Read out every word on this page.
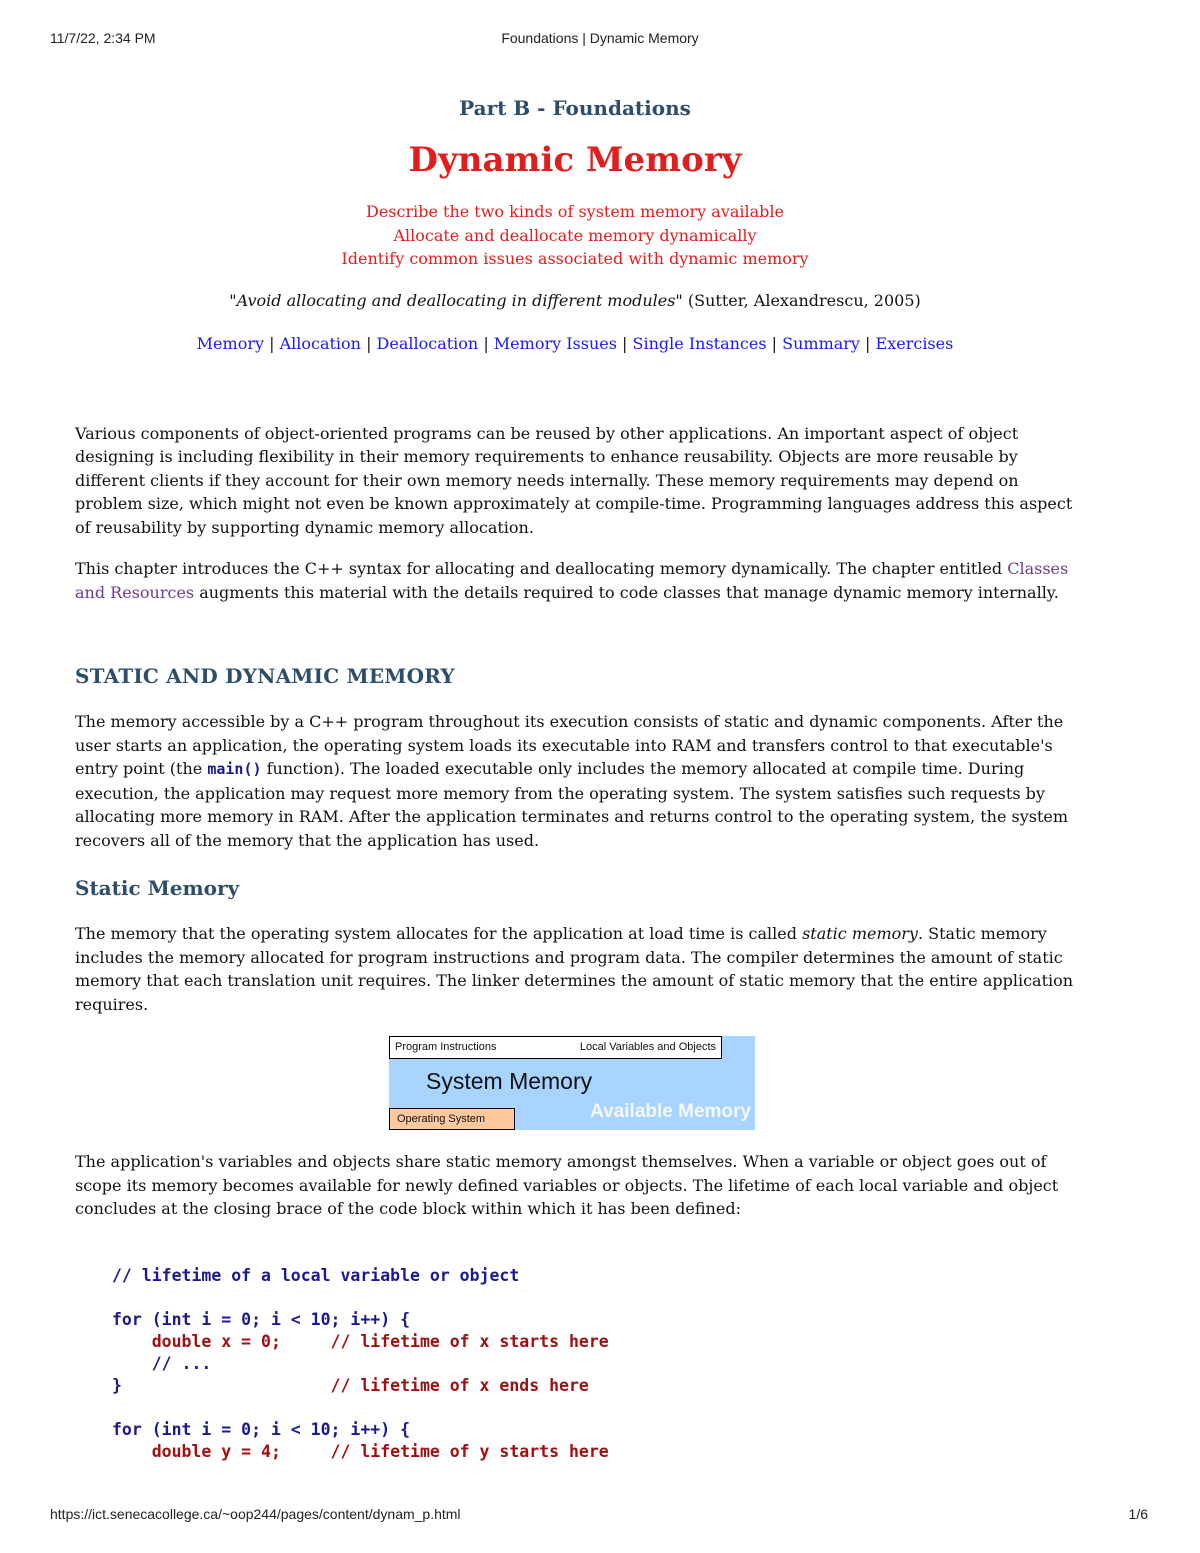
11/7/22, 2:34 PM	Foundations | Dynamic Memory
Part B - Foundations
Dynamic Memory
Describe the two kinds of system memory available
Allocate and deallocate memory dynamically
Identify common issues associated with dynamic memory
"Avoid allocating and deallocating in different modules" (Sutter, Alexandrescu, 2005)
Memory | Allocation | Deallocation | Memory Issues | Single Instances | Summary | Exercises

Various components of object-oriented programs can be reused by other applications. An important aspect of object designing is including flexibility in their memory requirements to enhance reusability. Objects are more reusable by different clients if they account for their own memory needs internally. These memory requirements may depend on problem size, which might not even be known approximately at compile-time. Programming languages address this aspect of reusability by supporting dynamic memory allocation.

This chapter introduces the C++ syntax for allocating and deallocating memory dynamically. The chapter entitled Classes and Resources augments this material with the details required to code classes that manage dynamic memory internally.

STATIC AND DYNAMIC MEMORY

The memory accessible by a C++ program throughout its execution consists of static and dynamic components. After the user starts an application, the operating system loads its executable into RAM and transfers control to that executable's entry point (the main() function). The loaded executable only includes the memory allocated at compile time. During execution, the application may request more memory from the operating system. The system satisfies such requests by allocating more memory in RAM. After the application terminates and returns control to the operating system, the system recovers all of the memory that the application has used.

Static Memory

The memory that the operating system allocates for the application at load time is called static memory. Static memory includes the memory allocated for program instructions and program data. The compiler determines the amount of static memory that each translation unit requires. The linker determines the amount of static memory that the entire application requires.

Program Instructions	Local Variables and Objects
System Memory
Operating System	Available Memory

The application's variables and objects share static memory amongst themselves. When a variable or object goes out of scope its memory becomes available for newly defined variables or objects. The lifetime of each local variable and object concludes at the closing brace of the code block within which it has been defined:

// lifetime of a local variable or object
for (int i = 0; i < 10; i++) {
double x = 0;     // lifetime of x starts here
// ...
}                     // lifetime of x ends here
for (int i = 0; i < 10; i++) {
double y = 4;     // lifetime of y starts here
https://ict.senecacollege.ca/~oop244/pages/content/dynam_p.html	1/6
